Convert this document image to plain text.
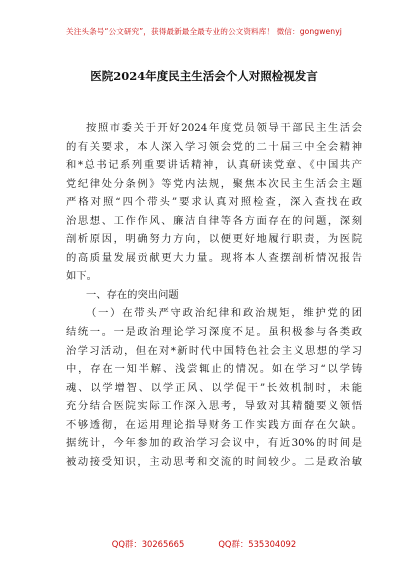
关注头条号“公文研究”，获得最新最全最专业的公文资料库！ 微信：gongwenyj
医院2024年度民主生活会个人对照检视发言
按照市委关于开好2024年度党员领导干部民主生活会
的有关要求，本人深入学习领会党的二十届三中全会精神
和*总书记系列重要讲话精神，认真研读党章、《中国共产
党纪律处分条例》等党内法规，聚焦本次民主生活会主题
严格对照“四个带头”要求认真对照检查，深入查找在政
治思想、工作作风、廉洁自律等各方面存在的问题，深刻
剖析原因，明确努力方向，以便更好地履行职责，为医院
的高质量发展贡献更大力量。现将本人查摆剖析情况报告
如下。
一、存在的突出问题
（一）在带头严守政治纪律和政治规矩，维护党的团
结统一。一是政治理论学习深度不足。虽积极参与各类政
治学习活动，但在对*新时代中国特色社会主义思想的学习
中，存在一知半解、浅尝辄止的情况。如在学习“以学铸
魂、以学增智、以学正风、以学促干”长效机制时，未能
充分结合医院实际工作深入思考，导致对其精髓要义领悟
不够透彻，在运用理论指导财务工作实践方面存在欠缺。
据统计，今年参加的政治学习会议中，有近30%的时间是
被动接受知识，主动思考和交流的时间较少。二是政治敏
QQ群：30265665	QQ群：535304092
